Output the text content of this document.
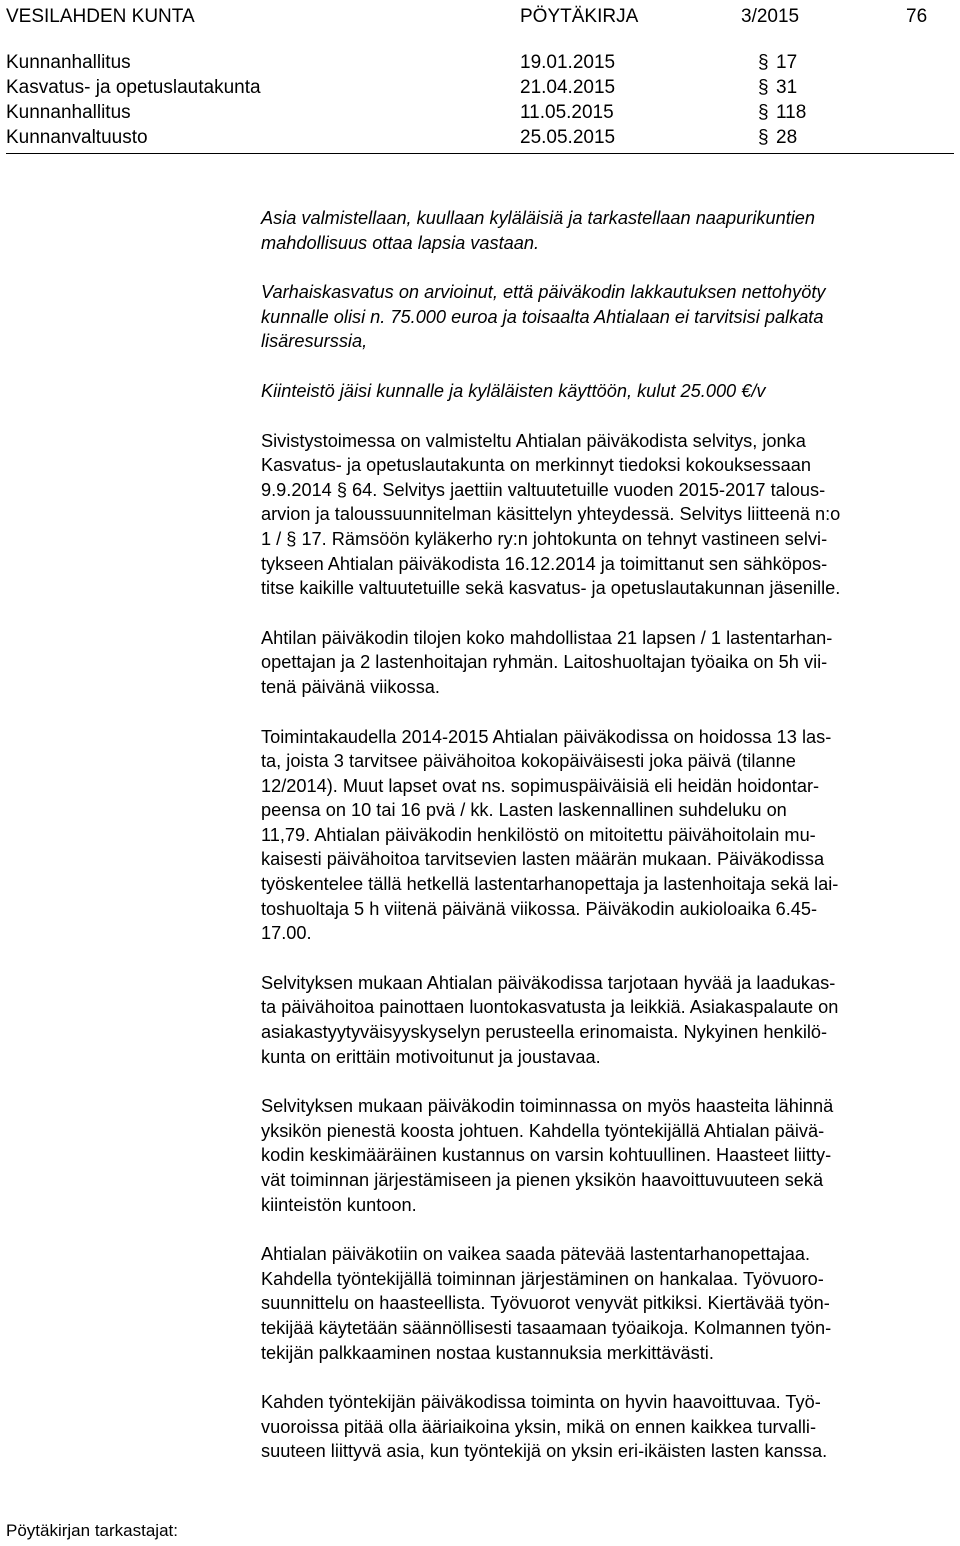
VESILAHDEN KUNTA	PÖYTÄKIRJA	3/2015	76
Kunnanhallitus	19.01.2015	§ 17
Kasvatus- ja opetuslautakunta	21.04.2015	§ 31
Kunnanhallitus	11.05.2015	§ 118
Kunnanvaltuusto	25.05.2015	§ 28

Asia valmistellaan, kuullaan kyläläisiä ja tarkastellaan naapurikuntien

mahdollisuus ottaa lapsia vastaan.

Varhaiskasvatus on arvioinut, että päiväkodin lakkautuksen nettohyöty

kunnalle olisi n. 75.000 euroa ja toisaalta Ahtialaan ei tarvitsisi palkata

lisäresurssia,

Kiinteistö jäisi kunnalle ja kyläläisten käyttöön, kulut 25.000 €/v

Sivistystoimessa on valmisteltu Ahtialan päiväkodista selvitys, jonka

Kasvatus- ja opetuslautakunta on merkinnyt tiedoksi kokouksessaan

9.9.2014 § 64. Selvitys jaettiin valtuutetuille vuoden 2015-2017 talous-

arvion ja taloussuunnitelman käsittelyn yhteydessä. Selvitys liitteenä n:o

1 / § 17. Rämsöön kyläkerho ry:n johtokunta on tehnyt vastineen selvi-

tykseen Ahtialan päiväkodista 16.12.2014 ja toimittanut sen sähköpos-

titse kaikille valtuutetuille sekä kasvatus- ja opetuslautakunnan jäsenille.

Ahtilan päiväkodin tilojen koko mahdollistaa 21 lapsen / 1 lastentarhan-

opettajan ja 2 lastenhoitajan ryhmän. Laitoshuoltajan työaika on 5h vii-

tenä päivänä viikossa.

Toimintakaudella 2014-2015 Ahtialan päiväkodissa on hoidossa 13 las-

ta, joista 3 tarvitsee päivähoitoa kokopäiväisesti joka päivä (tilanne

12/2014). Muut lapset ovat ns. sopimuspäiväisiä eli heidän hoidontar-

peensa on 10 tai 16 pvä / kk. Lasten laskennallinen suhdeluku on

11,79. Ahtialan päiväkodin henkilöstö on mitoitettu päivähoitolain mu-

kaisesti päivähoitoa tarvitsevien lasten määrän mukaan. Päiväkodissa

työskentelee tällä hetkellä lastentarhanopettaja ja lastenhoitaja sekä lai-

toshuoltaja 5 h viitenä päivänä viikossa. Päiväkodin aukioloaika 6.45-

17.00.

Selvityksen mukaan Ahtialan päiväkodissa tarjotaan hyvää ja laadukas-

ta päivähoitoa painottaen luontokasvatusta ja leikkiä. Asiakaspalaute on

asiakastyytyväisyyskyselyn perusteella erinomaista. Nykyinen henkilö-

kunta on erittäin motivoitunut ja joustavaa.

Selvityksen mukaan päiväkodin toiminnassa on myös haasteita lähinnä

yksikön pienestä koosta johtuen. Kahdella työntekijällä Ahtialan päivä-

kodin keskimääräinen kustannus on varsin kohtuullinen. Haasteet liitty-

vät toiminnan järjestämiseen ja pienen yksikön haavoittuvuuteen sekä

kiinteistön kuntoon.

Ahtialan päiväkotiin on vaikea saada pätevää lastentarhanopettajaa.

Kahdella työntekijällä toiminnan järjestäminen on hankalaa. Työvuoro-

suunnittelu on haasteellista. Työvuorot venyvät pitkiksi. Kiertävää työn-

tekijää käytetään säännöllisesti tasaamaan työaikoja. Kolmannen työn-

tekijän palkkaaminen nostaa kustannuksia merkittävästi.

Kahden työntekijän päiväkodissa toiminta on hyvin haavoittuvaa. Työ-

vuoroissa pitää olla ääriaikoina yksin, mikä on ennen kaikkea turvalli-

suuteen liittyvä asia, kun työntekijä on yksin eri-ikäisten lasten kanssa.

Pöytäkirjan tarkastajat:
